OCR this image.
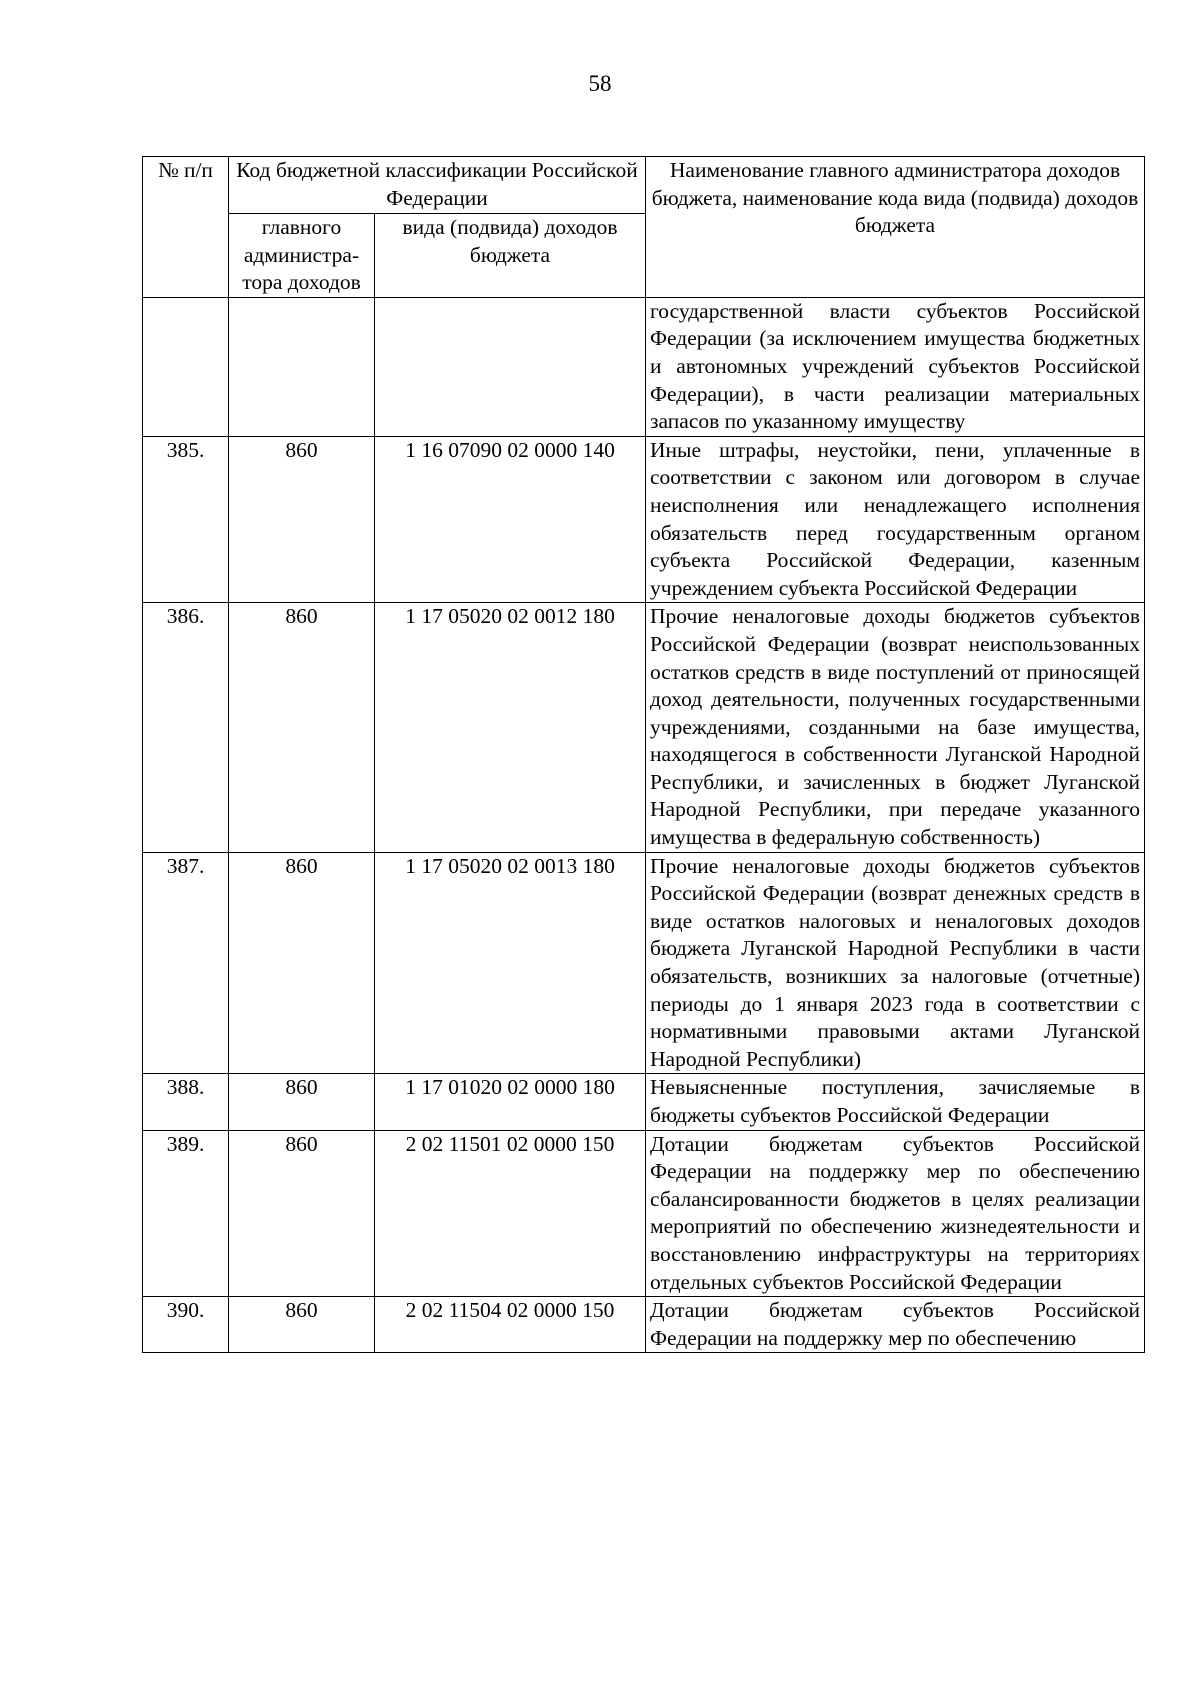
58
№ п/п	Код бюджетной классификации Российской Федерации		Наименование главного администратора доходов бюджета, наименование кода вида (подвида) доходов бюджета
	главного администра-тора доходов	вида (подвида) доходов бюджета	
			государственной власти субъектов Российской Федерации (за исключением имущества бюджетных и автономных учреждений субъектов Российской Федерации), в части реализации материальных запасов по указанному имуществу
385.	860	1 16 07090 02 0000 140	Иные штрафы, неустойки, пени, уплаченные в соответствии с законом или договором в случае неисполнения или ненадлежащего исполнения обязательств перед государственным органом субъекта Российской Федерации, казенным учреждением субъекта Российской Федерации
386.	860	1 17 05020 02 0012 180	Прочие неналоговые доходы бюджетов субъектов Российской Федерации (возврат неиспользованных остатков средств в виде поступлений от приносящей доход деятельности, полученных государственными учреждениями, созданными на базе имущества, находящегося в собственности Луганской Народной Республики, и зачисленных в бюджет Луганской Народной Республики, при передаче указанного имущества в федеральную собственность)
387.	860	1 17 05020 02 0013 180	Прочие неналоговые доходы бюджетов субъектов Российской Федерации (возврат денежных средств в виде остатков налоговых и неналоговых доходов бюджета Луганской Народной Республики в части обязательств, возникших за налоговые (отчетные) периоды до 1 января 2023 года в соответствии с нормативными правовыми актами Луганской Народной Республики)
388.	860	1 17 01020 02 0000 180	Невыясненные поступления, зачисляемые в бюджеты субъектов Российской Федерации
389.	860	2 02 11501 02 0000 150	Дотации бюджетам субъектов Российской Федерации на поддержку мер по обеспечению сбалансированности бюджетов в целях реализации мероприятий по обеспечению жизнедеятельности и восстановлению инфраструктуры на территориях отдельных субъектов Российской Федерации
390.	860	2 02 11504 02 0000 150	Дотации бюджетам субъектов Российской Федерации на поддержку мер по обеспечению
